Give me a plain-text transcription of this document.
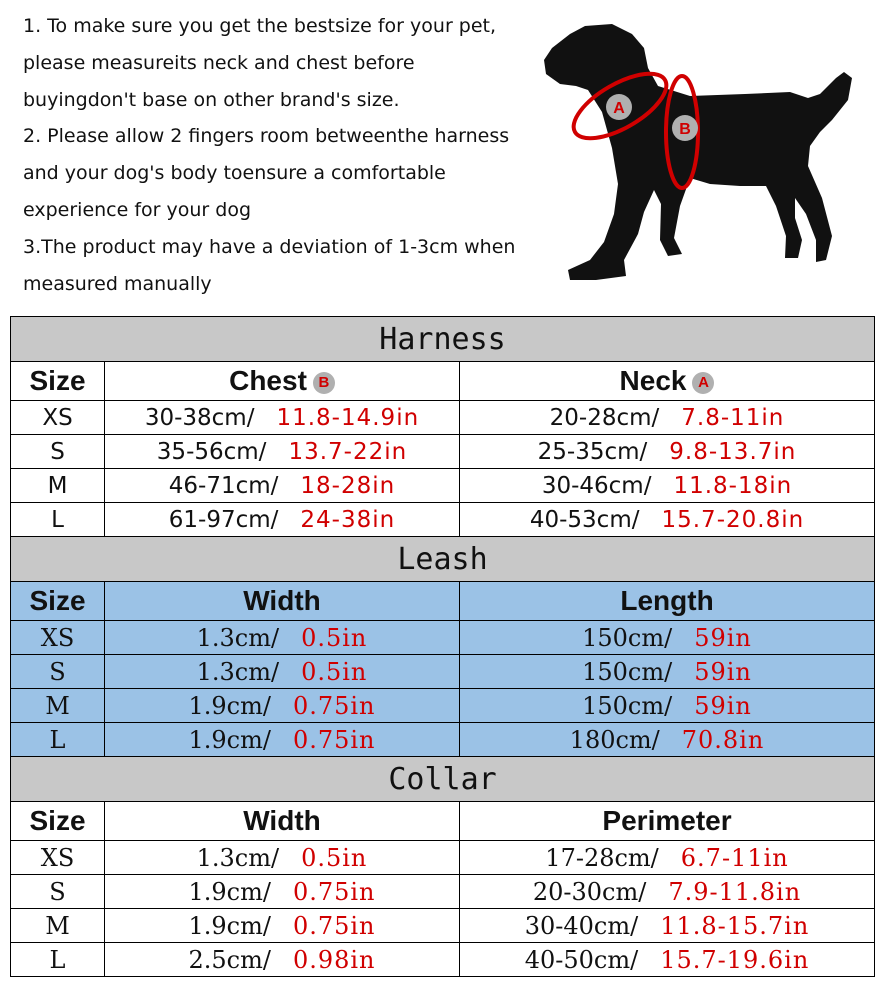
1. To make sure you get the bestsize for your pet,
please measureits neck and chest before
buyingdon't base on other brand's size.
2. Please allow 2 fingers room betweenthe harness
and your dog's body toensure a comfortable
experience for your dog
3.The product may have a deviation of 1-3cm when
measured manually
A
B
Harness		
Size	Chest B	Neck A
XS	30-38cm/ 11.8-14.9in	20-28cm/ 7.8-11in
S	35-56cm/ 13.7-22in	25-35cm/ 9.8-13.7in
M	46-71cm/ 18-28in	30-46cm/ 11.8-18in
L	61-97cm/ 24-38in	40-53cm/ 15.7-20.8in
Leash		
Size	Width	Length
XS	1.3cm/ 0.5in	150cm/ 59in
S	1.3cm/ 0.5in	150cm/ 59in
M	1.9cm/ 0.75in	150cm/ 59in
L	1.9cm/ 0.75in	180cm/ 70.8in
Collar		
Size	Width	Perimeter
XS	1.3cm/ 0.5in	17-28cm/ 6.7-11in
S	1.9cm/ 0.75in	20-30cm/ 7.9-11.8in
M	1.9cm/ 0.75in	30-40cm/ 11.8-15.7in
L	2.5cm/ 0.98in	40-50cm/ 15.7-19.6in
